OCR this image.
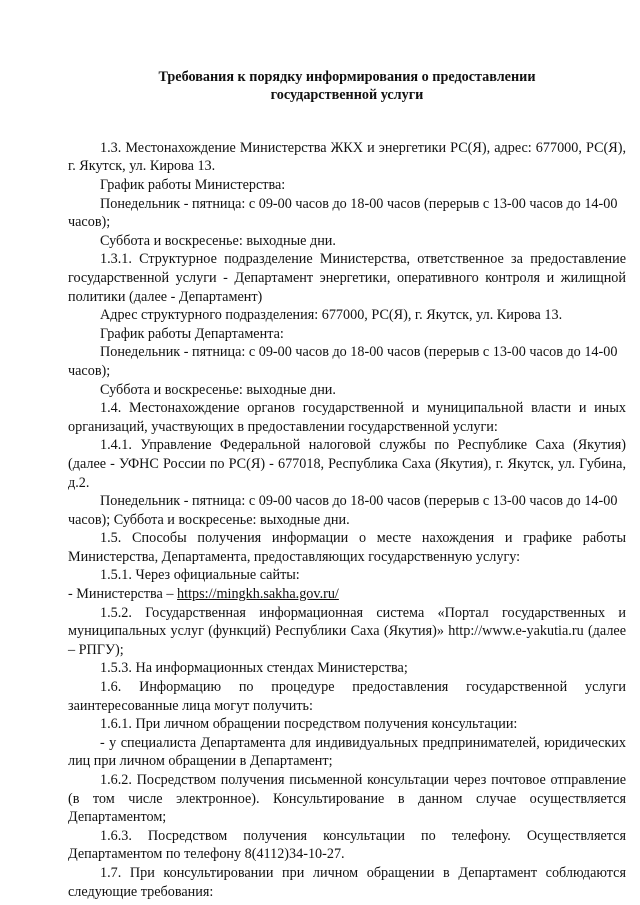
Требования к порядку информирования о предоставлении
государственной услуги

1.3. Местонахождение Министерства ЖКХ и энергетики РС(Я), адрес: 677000, РС(Я), г. Якутск, ул. Кирова 13.

График работы Министерства:

Понедельник - пятница: с 09-00 часов до 18-00 часов (перерыв с 13-00 часов до 14-00 часов);

Суббота и воскресенье: выходные дни.

1.3.1. Структурное подразделение Министерства, ответственное за предоставление государственной услуги - Департамент энергетики, оперативного контроля и жилищной политики (далее - Департамент)

Адрес структурного подразделения: 677000, РС(Я), г. Якутск, ул. Кирова 13.

График работы Департамента:

Понедельник - пятница: с 09-00 часов до 18-00 часов (перерыв с 13-00 часов до 14-00 часов);

Суббота и воскресенье: выходные дни.

1.4. Местонахождение органов государственной и муниципальной власти и иных организаций, участвующих в предоставлении государственной услуги:

1.4.1. Управление Федеральной налоговой службы по Республике Саха (Якутия) (далее - УФНС России по РС(Я) - 677018, Республика Саха (Якутия), г. Якутск, ул. Губина, д.2.

Понедельник - пятница: с 09-00 часов до 18-00 часов (перерыв с 13-00 часов до 14-00 часов); Суббота и воскресенье: выходные дни.

1.5. Способы получения информации о месте нахождения и графике работы Министерства, Департамента, предоставляющих государственную услугу:

1.5.1. Через официальные сайты:

- Министерства – https://mingkh.sakha.gov.ru/

1.5.2. Государственная информационная система «Портал государственных и муниципальных услуг (функций) Республики Саха (Якутия)» http://www.e-yakutia.ru (далее – РПГУ);

1.5.3. На информационных стендах Министерства;

1.6. Информацию по процедуре предоставления государственной услуги заинтересованные лица могут получить:

1.6.1. При личном обращении посредством получения консультации:

- у специалиста Департамента для индивидуальных предпринимателей, юридических лиц при личном обращении в Департамент;

1.6.2. Посредством получения письменной консультации через почтовое отправление (в том числе электронное). Консультирование в данном случае осуществляется Департаментом;

1.6.3. Посредством получения консультации по телефону. Осуществляется Департаментом по телефону 8(4112)34-10-27.

1.7. При консультировании при личном обращении в Департамент соблюдаются следующие требования:
